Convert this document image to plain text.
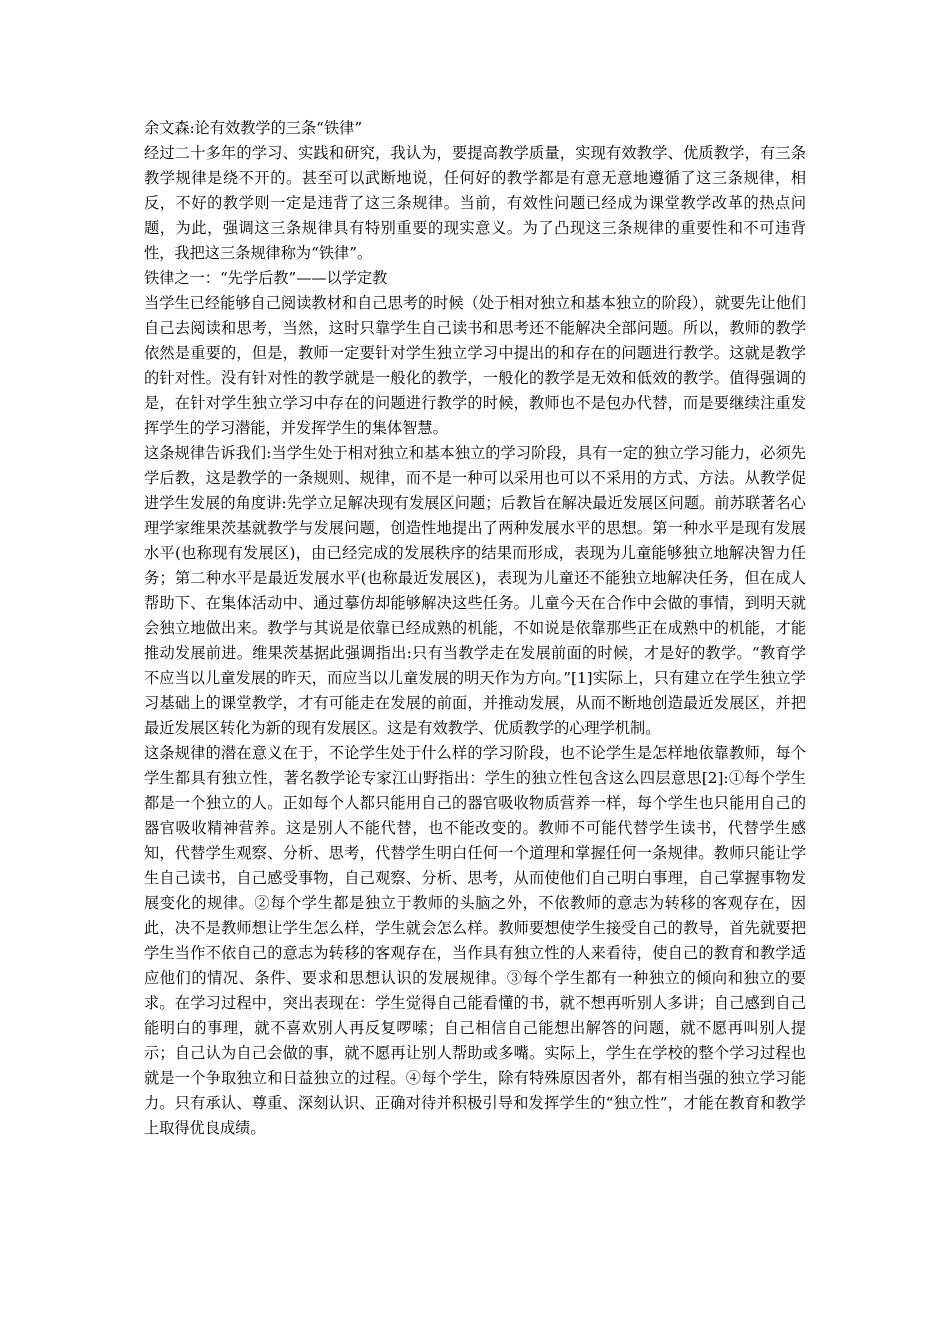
余文森:论有效教学的三条“铁律”

经过二十多年的学习、实践和研究，我认为，要提高教学质量，实现有效教学、优质教学，有三条教学规律是绕不开的。甚至可以武断地说，任何好的教学都是有意无意地遵循了这三条规律，相反，不好的教学则一定是违背了这三条规律。当前，有效性问题已经成为课堂教学改革的热点问题，为此，强调这三条规律具有特别重要的现实意义。为了凸现这三条规律的重要性和不可违背性，我把这三条规律称为“铁律”。

铁律之一：“先学后教”——以学定教

当学生已经能够自己阅读教材和自己思考的时候（处于相对独立和基本独立的阶段），就要先让他们自己去阅读和思考，当然，这时只靠学生自己读书和思考还不能解决全部问题。所以，教师的教学依然是重要的，但是，教师一定要针对学生独立学习中提出的和存在的问题进行教学。这就是教学的针对性。没有针对性的教学就是一般化的教学，一般化的教学是无效和低效的教学。值得强调的是，在针对学生独立学习中存在的问题进行教学的时候，教师也不是包办代替，而是要继续注重发挥学生的学习潜能，并发挥学生的集体智慧。

这条规律告诉我们:当学生处于相对独立和基本独立的学习阶段，具有一定的独立学习能力，必须先学后教，这是教学的一条规则、规律，而不是一种可以采用也可以不采用的方式、方法。从教学促进学生发展的角度讲:先学立足解决现有发展区问题；后教旨在解决最近发展区问题。前苏联著名心理学家维果茨基就教学与发展问题，创造性地提出了两种发展水平的思想。第一种水平是现有发展水平(也称现有发展区)，由已经完成的发展秩序的结果而形成，表现为儿童能够独立地解决智力任务；第二种水平是最近发展水平(也称最近发展区)，表现为儿童还不能独立地解决任务，但在成人帮助下、在集体活动中、通过摹仿却能够解决这些任务。儿童今天在合作中会做的事情，到明天就会独立地做出来。教学与其说是依靠已经成熟的机能，不如说是依靠那些正在成熟中的机能，才能推动发展前进。维果茨基据此强调指出:只有当教学走在发展前面的时候，才是好的教学。“教育学不应当以儿童发展的昨天，而应当以儿童发展的明天作为方向。”[1]实际上，只有建立在学生独立学习基础上的课堂教学，才有可能走在发展的前面，并推动发展，从而不断地创造最近发展区，并把最近发展区转化为新的现有发展区。这是有效教学、优质教学的心理学机制。

这条规律的潜在意义在于，不论学生处于什么样的学习阶段，也不论学生是怎样地依靠教师，每个学生都具有独立性，著名教学论专家江山野指出：学生的独立性包含这么四层意思[2]:①每个学生都是一个独立的人。正如每个人都只能用自己的器官吸收物质营养一样，每个学生也只能用自己的器官吸收精神营养。这是别人不能代替，也不能改变的。教师不可能代替学生读书，代替学生感知，代替学生观察、分析、思考，代替学生明白任何一个道理和掌握任何一条规律。教师只能让学生自己读书，自己感受事物，自己观察、分析、思考，从而使他们自己明白事理，自己掌握事物发展变化的规律。②每个学生都是独立于教师的头脑之外，不依教师的意志为转移的客观存在，因此，决不是教师想让学生怎么样，学生就会怎么样。教师要想使学生接受自己的教导，首先就要把学生当作不依自己的意志为转移的客观存在，当作具有独立性的人来看待，使自己的教育和教学适应他们的情况、条件、要求和思想认识的发展规律。③每个学生都有一种独立的倾向和独立的要求。在学习过程中，突出表现在：学生觉得自己能看懂的书，就不想再听别人多讲；自己感到自己能明白的事理，就不喜欢别人再反复啰嗦；自己相信自己能想出解答的问题，就不愿再叫别人提示；自己认为自己会做的事，就不愿再让别人帮助或多嘴。实际上，学生在学校的整个学习过程也就是一个争取独立和日益独立的过程。④每个学生，除有特殊原因者外，都有相当强的独立学习能力。只有承认、尊重、深刻认识、正确对待并积极引导和发挥学生的“独立性”，才能在教育和教学上取得优良成绩。
